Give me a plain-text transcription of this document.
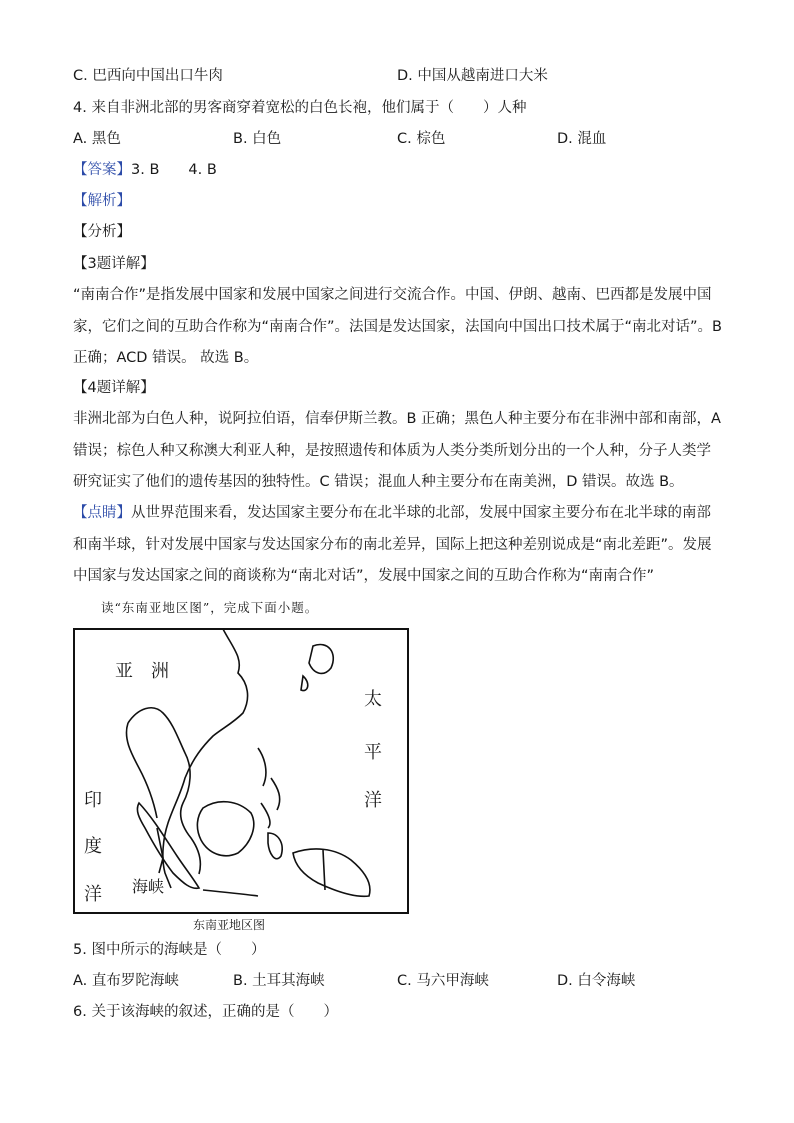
C. 巴西向中国出口牛肉	D. 中国从越南进口大米
4. 来自非洲北部的男客商穿着宽松的白色长袍，他们属于（　　）人种
A. 黑色	B. 白色	C. 棕色	D. 混血
【答案】3. B　　4. B
【解析】
【分析】
【3题详解】
“南南合作”是指发展中国家和发展中国家之间进行交流合作。中国、伊朗、越南、巴西都是发展中国家，它们之间的互助合作称为“南南合作”。法国是发达国家，法国向中国出口技术属于“南北对话”。B 正确；ACD 错误。 故选 B。
【4题详解】
非洲北部为白色人种，说阿拉伯语，信奉伊斯兰教。B 正确；黑色人种主要分布在非洲中部和南部，A 错误；棕色人种又称澳大利亚人种，是按照遗传和体质为人类分类所划分出的一个人种，分子人类学研究证实了他们的遗传基因的独特性。C 错误；混血人种主要分布在南美洲，D 错误。故选 B。
【点睛】从世界范围来看，发达国家主要分布在北半球的北部，发展中国家主要分布在北半球的南部和南半球，针对发展中国家与发达国家分布的南北差异，国际上把这种差别说成是“南北差距”。发展中国家与发达国家之间的商谈称为“南北对话”，发展中国家之间的互助合作称为“南南合作”
读“东南亚地区图”，完成下面小题。
亚　洲
太
平
洋
印
度
洋 海峡
东南亚地区图
5. 图中所示的海峡是（　　）
A. 直布罗陀海峡	B. 土耳其海峡	C. 马六甲海峡	D. 白令海峡
6. 关于该海峡的叙述，正确的是（　　）
